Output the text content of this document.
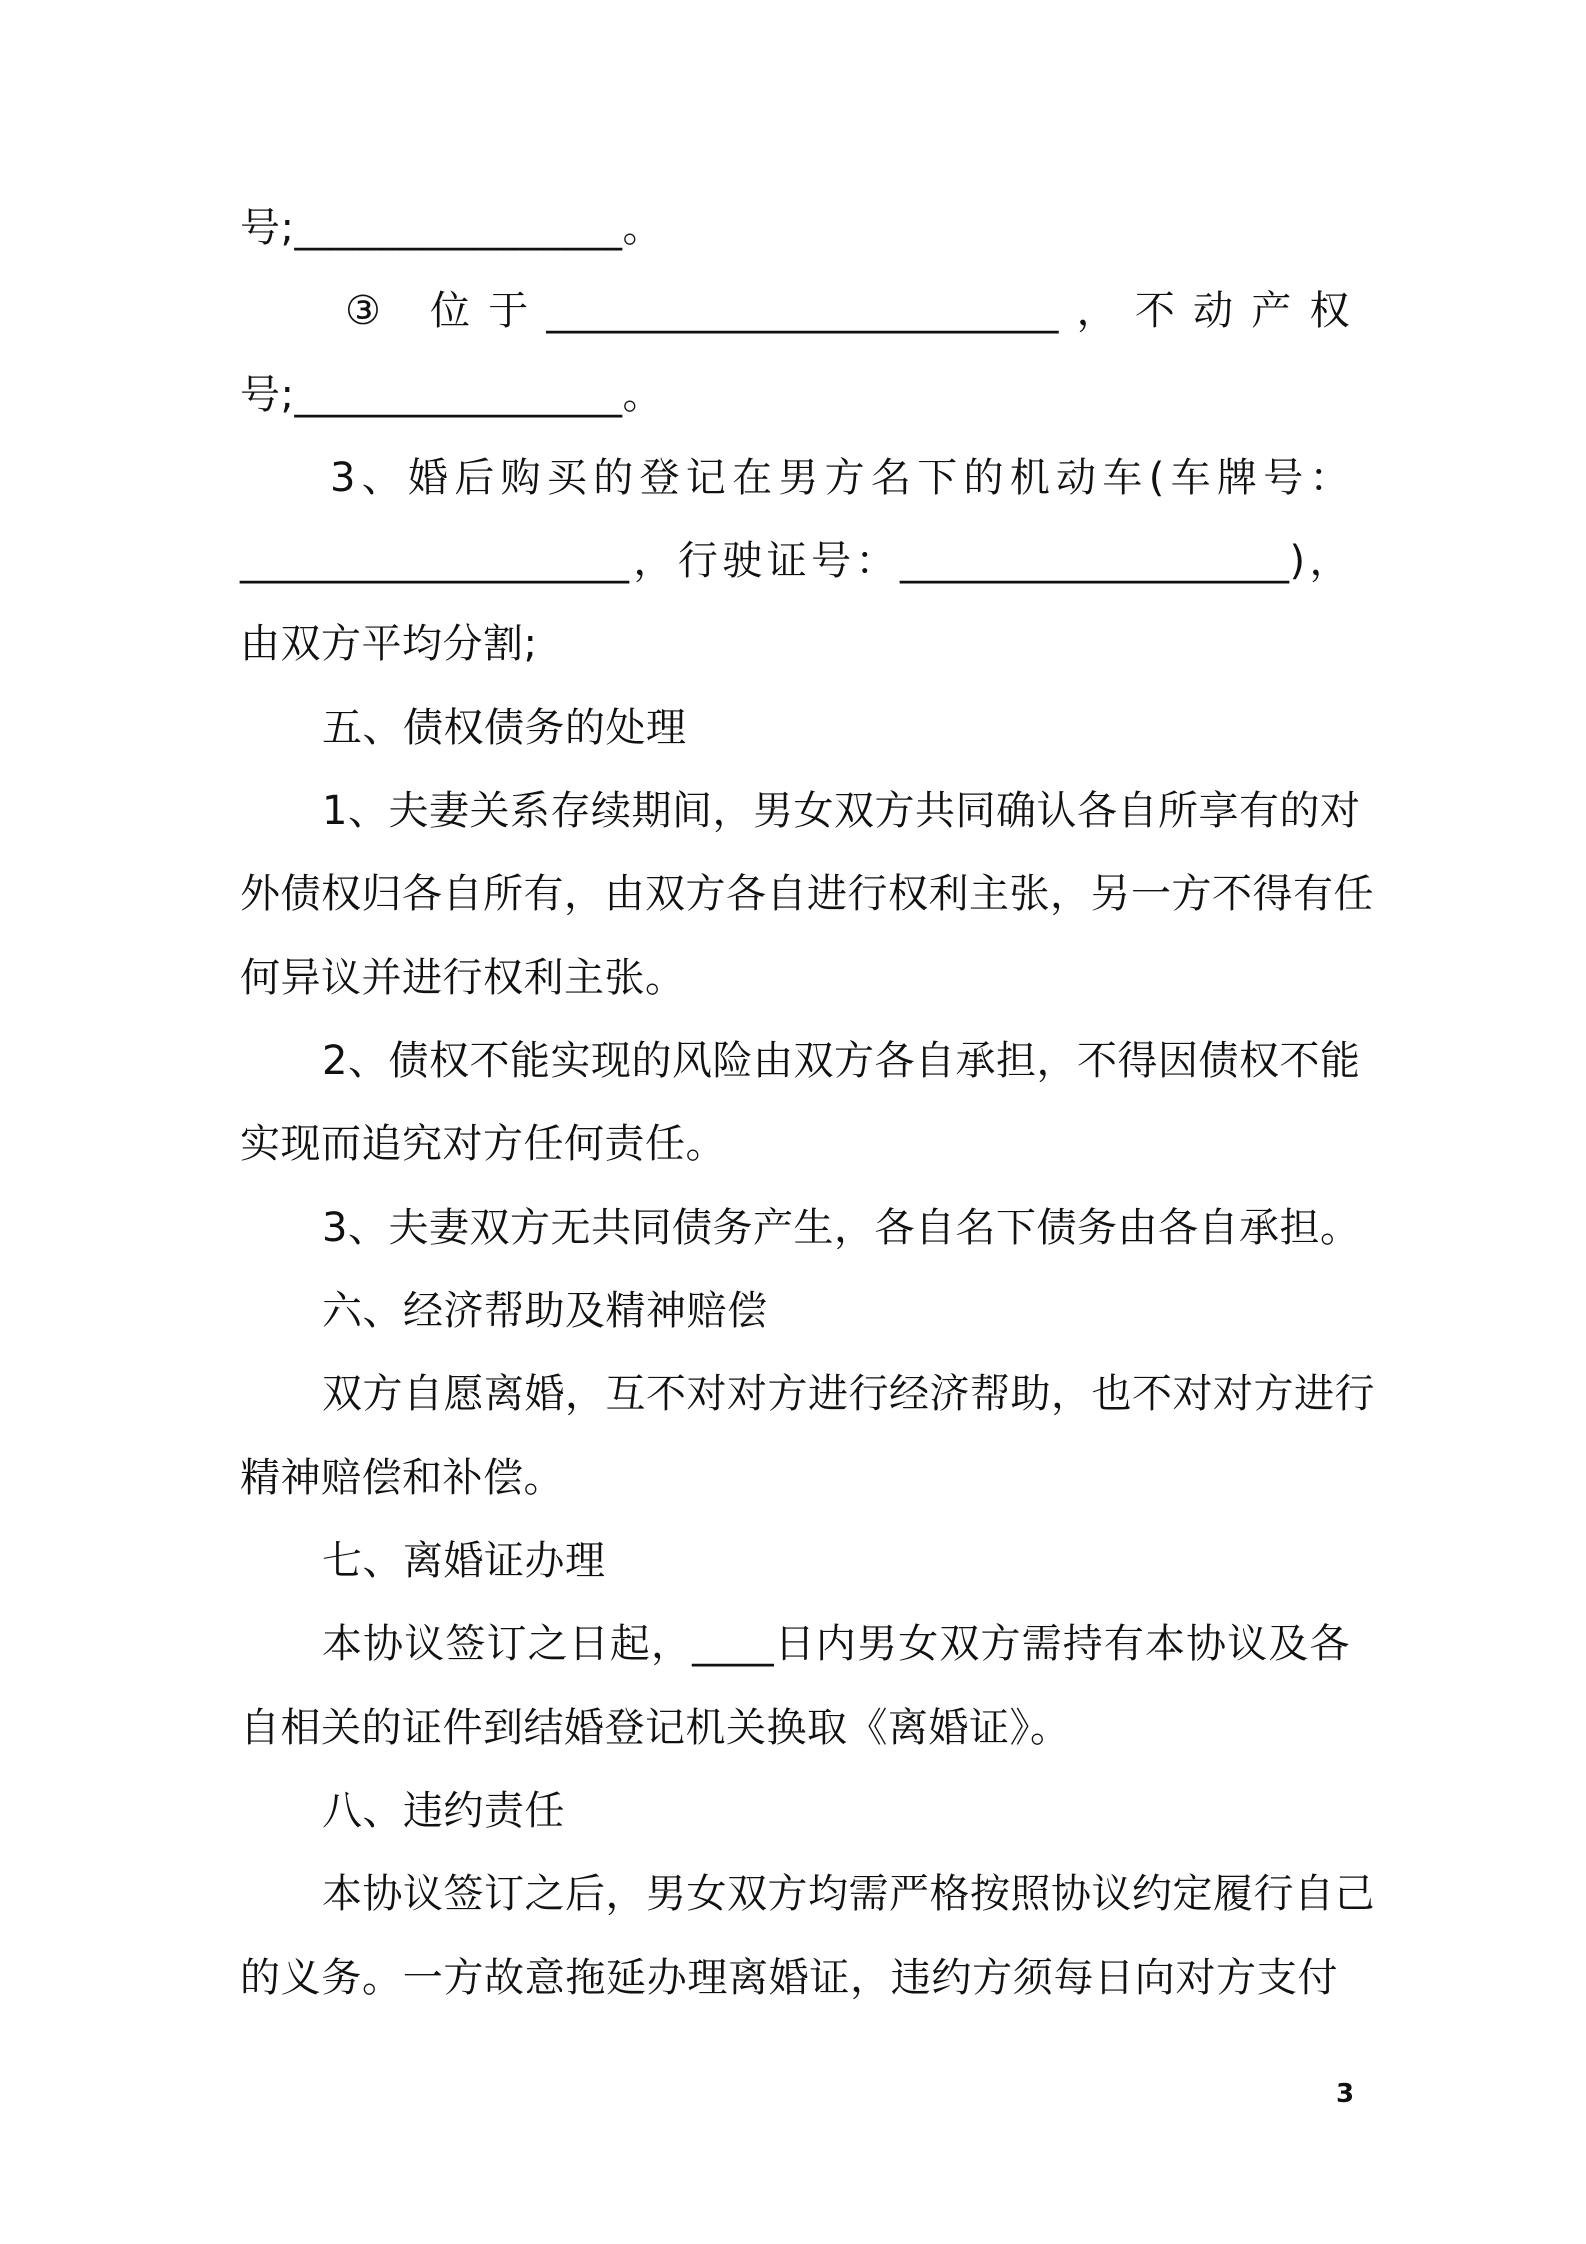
号;________________。
③ 位于_________________________，不动产权
号;________________。
3、婚后购买的登记在男方名下的机动车(车牌号：
___________________，行驶证号：___________________)，
由双方平均分割;
五、债权债务的处理
1、夫妻关系存续期间，男女双方共同确认各自所享有的对
外债权归各自所有，由双方各自进行权利主张，另一方不得有任
何异议并进行权利主张。
2、债权不能实现的风险由双方各自承担，不得因债权不能
实现而追究对方任何责任。
3、夫妻双方无共同债务产生，各自名下债务由各自承担。
六、经济帮助及精神赔偿
双方自愿离婚，互不对对方进行经济帮助，也不对对方进行
精神赔偿和补偿。
七、离婚证办理
本协议签订之日起，____日内男女双方需持有本协议及各
自相关的证件到结婚登记机关换取《离婚证》。
八、违约责任
本协议签订之后，男女双方均需严格按照协议约定履行自己
的义务。一方故意拖延办理离婚证，违约方须每日向对方支付
3
